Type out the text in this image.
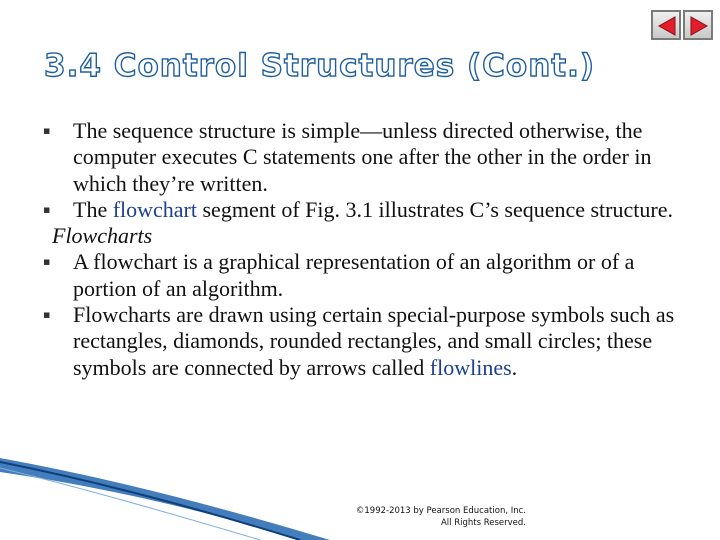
3.4 Control Structures (Cont.)
▪ The sequence structure is simple—unless directed otherwise, the computer executes C statements one after the other in the order in which they’re written.
▪ The flowchart segment of Fig. 3.1 illustrates C’s sequence structure.
Flowcharts
▪ A flowchart is a graphical representation of an algorithm or of a portion of an algorithm.
▪ Flowcharts are drawn using certain special-purpose symbols such as rectangles, diamonds, rounded rectangles, and small circles; these symbols are connected by arrows called flowlines.
©1992-2013 by Pearson Education, Inc.
All Rights Reserved.
